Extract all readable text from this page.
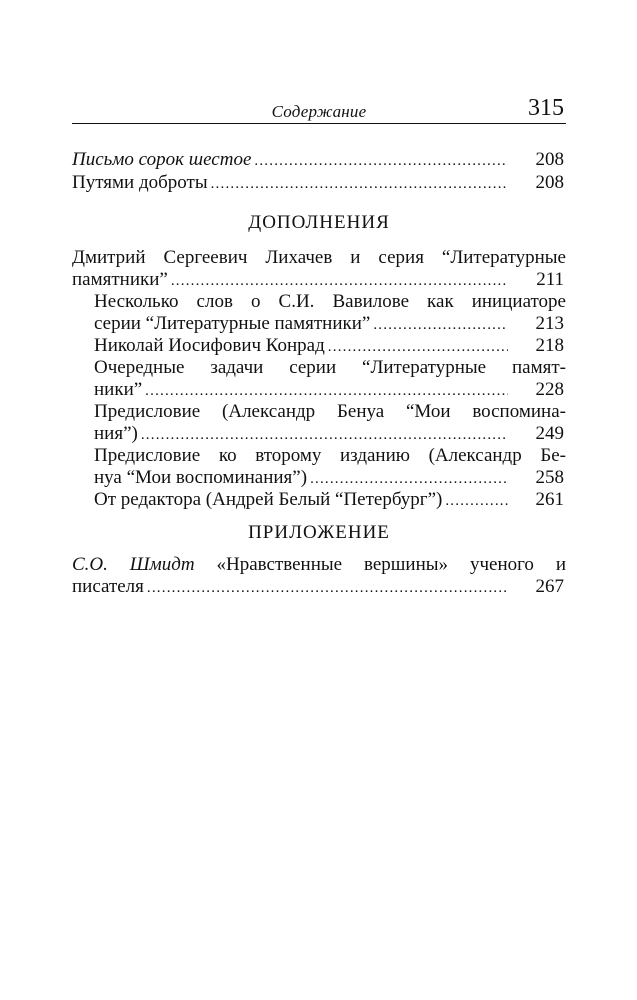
Содержание	315
Письмо сорок шестое .....	208
Путями доброты .....	208
ДОПОЛНЕНИЯ
Дмитрий Сергеевич Лихачев и серия “Литературные
памятники” .....	211
Несколько слов о С.И. Вавилове как инициаторе
серии “Литературные памятники” .....	213
Николай Иосифович Конрад .....	218
Очередные задачи серии “Литературные памят-
ники” .....	228
Предисловие (Александр Бенуа “Мои воспомина-
ния”) .....	249
Предисловие ко второму изданию (Александр Бе-
нуа “Мои воспоминания”) .....	258
От редактора (Андрей Белый “Петербург”) .....	261
ПРИЛОЖЕНИЕ
С.О. Шмидт «Нравственные вершины» ученого и
писателя .....	267
